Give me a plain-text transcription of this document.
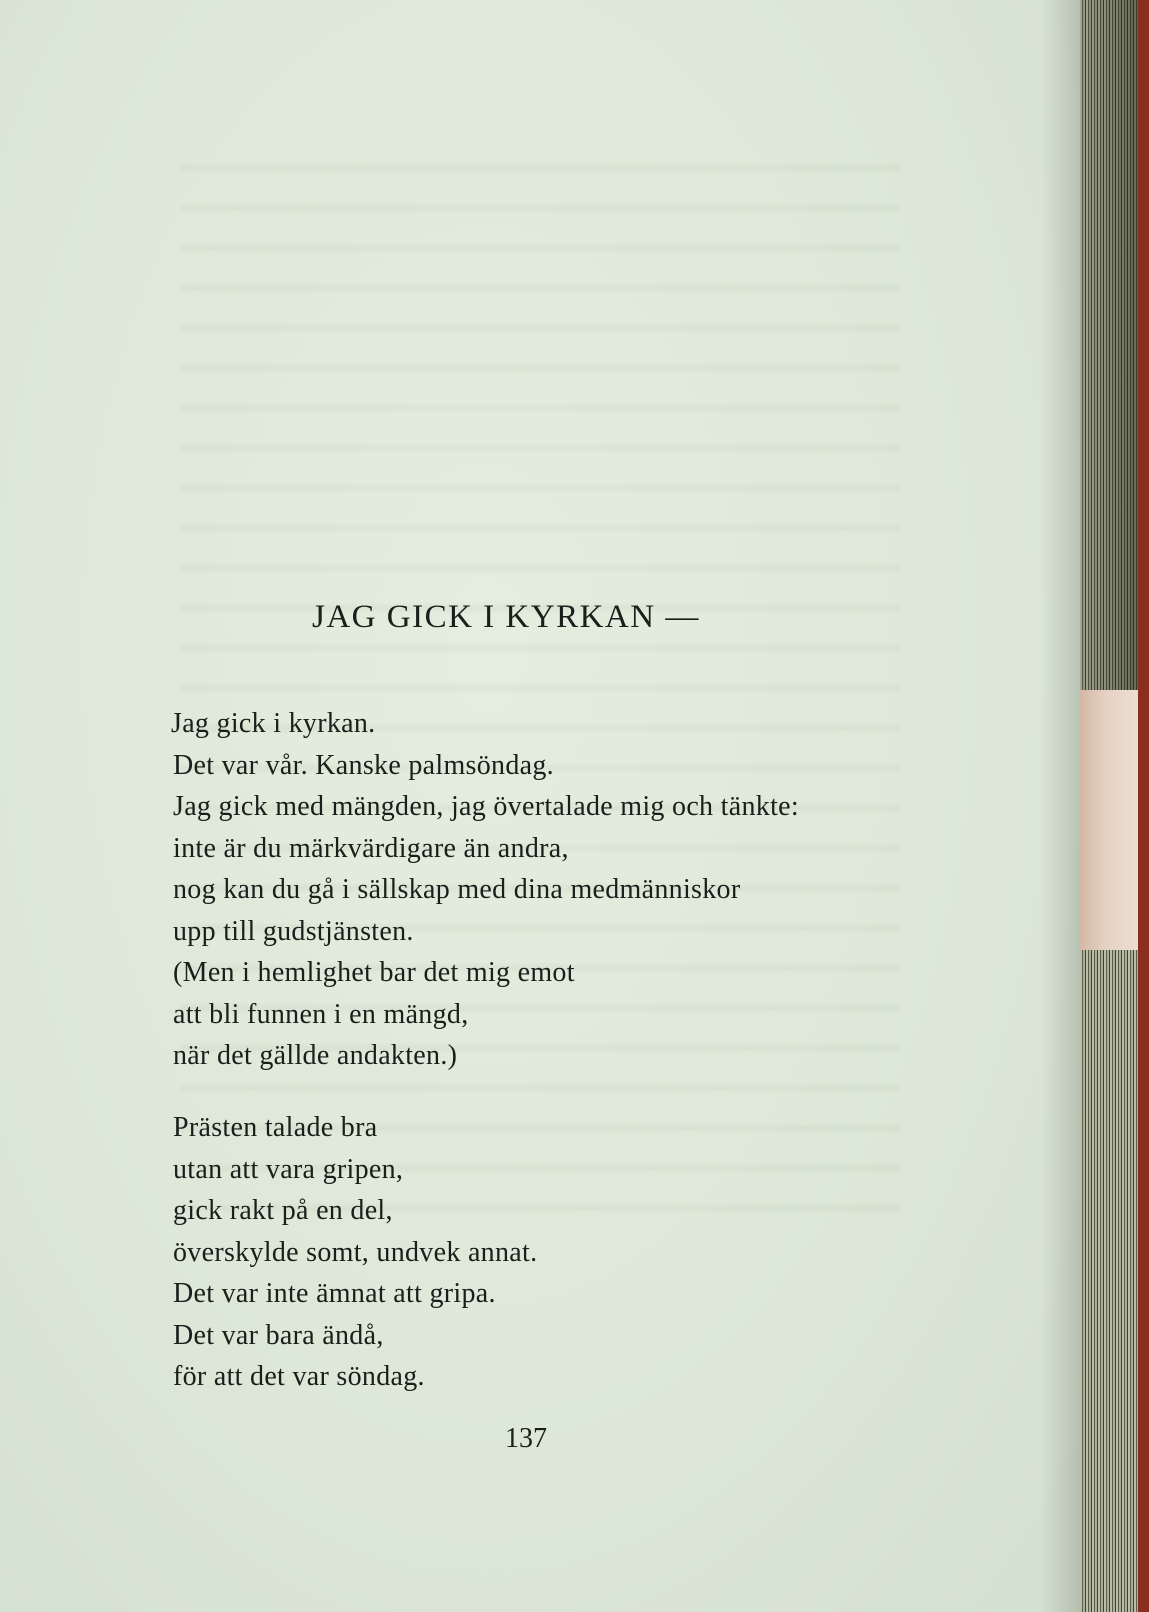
JAG GICK I KYRKAN —
Jag gick i kyrkan.
Det var vår. Kanske palmsöndag.
Jag gick med mängden, jag övertalade mig och tänkte:
inte är du märkvärdigare än andra,
nog kan du gå i sällskap med dina medmänniskor
upp till gudstjänsten.
(Men i hemlighet bar det mig emot
att bli funnen i en mängd,
när det gällde andakten.)
Prästen talade bra
utan att vara gripen,
gick rakt på en del,
överskylde somt, undvek annat.
Det var inte ämnat att gripa.
Det var bara ändå,
för att det var söndag.
137
